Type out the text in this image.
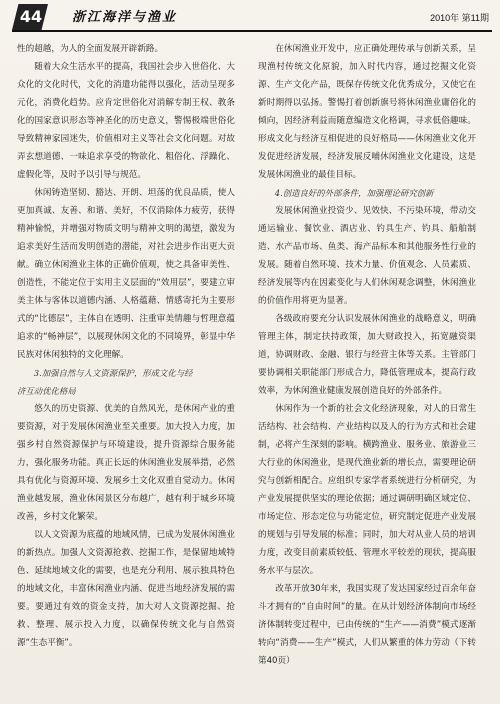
44 浙江海洋与渔业	2010年 第11期

性的超越，为人的全面发展开辟新路。

随着大众生活水平的提高，我国社会步入世俗化、大众化的文化时代，文化的消遣功能得以强化，活动呈现多元化，消费化趋势。应肯定世俗化对消解专制王权、教条化的国家意识形态等神圣化的历史意义，警惕极端世俗化导致精神家园迷失，价值相对主义等社会文化问题。对故弄玄想道德、一味追求享受的物欲化、粗俗化、浮躁化、虚假化等，及时予以引导与规范。

休闲铸造坚韧、豁达、开朗、坦荡的优良品质，使人更加真诚、友善、和谐、美好，不仅消除体力疲劳，获得精神愉悦，并增强对物质文明与精神文明的渴望，激发为追求美好生活而发明创造的潜能，对社会进步作出更大贡献。确立休闲渔业主体的正确价值观，使之具备审美性、创造性，不能定位于实用主义层面的“效用层”，要建立审美主体与客体以道德内涵、人格蕴藉、情感寄托为主要形式的“比德层”，主体自在透明、注重审美情趣与哲理意蕴追求的“畅神层”，以展现休闲文化的不同境界，彰显中华民族对休闲独特的文化理解。

3.加强自然与人文资源保护，形成文化与经

济互动优化格局

悠久的历史资源、优美的自然风光，是休闲产业的重要资源，对于发展休闲渔业至关重要。加大投入力度，加强乡村自然资源保护与环境建设，提升资源综合服务能力，强化服务功能。真正长远的休闲渔业发展举措，必然具有优化与资源环境、发展乡土文化双重自觉动力。休闲渔业越发展，渔业休闲景区分布越广，越有利于城乡环境改善，乡村文化繁荣。

以人文资源为底蕴的地域风情，已成为发展休闲渔业的新热点。加强人文资源抢救、挖掘工作，是保留地域特色、延续地域文化的需要，也是充分利用、展示独具特色的地域文化，丰富休闲渔业内涵、促进当地经济发展的需要。要通过有效的资金支持，加大对人文资源挖掘、抢救、整理、展示投入力度，以确保传统文化与自然资源“生态平衡”。

在休闲渔业开发中，应正确处理传承与创新关系，呈现渔村传统文化原貌，加入时代内容，通过挖掘文化资源、生产文化产品，既保存传统文化优秀成分，又使它在新时期得以弘扬。警惕打着创新旗号将休闲渔业庸俗化的倾向，因经济利益而随意编造文化格调，寻求低俗趣味。形成文化与经济互相促进的良好格局——休闲渔业文化开发促进经济发展，经济发展反哺休闲渔业文化建设，这是发展休闲渔业的最佳目标。

4.创造良好的外部条件，加强理论研究创新

发展休闲渔业投资少、见效快、不污染环境，带动交通运输业、餐饮业、酒店业、钓具生产、钓具、船舶制造、水产品市场、鱼类、海产品标本和其他服务性行业的发展。随着自然环境、技术力量、价值观念、人员素质、经济发展等内在因素变化与人们休闲观念调整，休闲渔业的价值作用将更为显著。

各级政府要充分认识发展休闲渔业的战略意义，明确管理主体，制定扶持政策，加大财政投入，拓宽融资渠道，协调财政、金融、银行与经营主体等关系。主管部门要协调相关职能部门形成合力，降低管理成本，提高行政效率，为休闲渔业健康发展创造良好的外部条件。

休闲作为一个新的社会文化经济现象，对人的日常生活结构、社会结构、产业结构以及人的行为方式和社会建制，必将产生深刻的影响。横跨渔业、服务业、旅游业三大行业的休闲渔业，是现代渔业新的增长点，需要理论研究与创新相配合。应组织专家学者系统进行分析研究，为产业发展提供坚实的理论依据；通过调研明确区域定位、市场定位、形态定位与功能定位，研究制定促进产业发展的规划与引导发展的标准；同时，加大对从业人员的培训力度，改变目前素质较低、管理水平较差的现状，提高服务水平与层次。

改革开放30年来，我国实现了发达国家经过百余年奋斗才拥有的“自由时间”的量。在从计划经济体制向市场经济体制转变过程中，已由传统的“生产——消费”模式逐渐转向“消费——生产”模式，人们从繁重的体力劳动（下转第40页）
